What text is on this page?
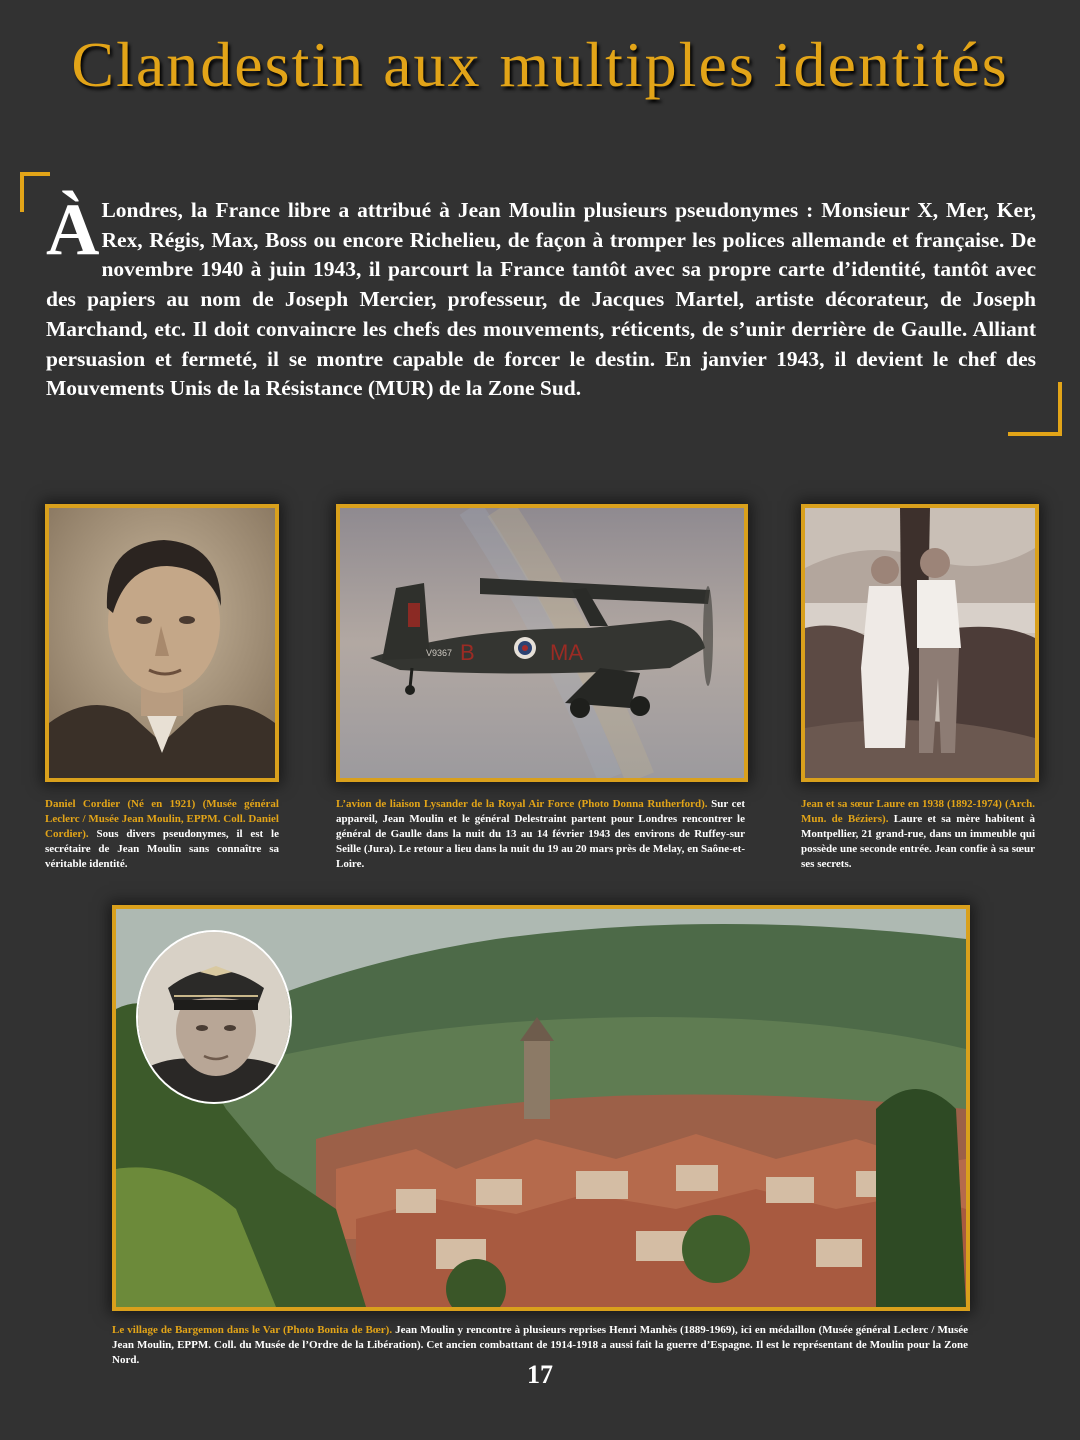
Clandestin aux multiples identités

À Londres, la France libre a attribué à Jean Moulin plusieurs pseudonymes : Monsieur X, Mer, Ker, Rex, Régis, Max, Boss ou encore Richelieu, de façon à tromper les polices allemande et française. De novembre 1940 à juin 1943, il parcourt la France tantôt avec sa propre carte d’identité, tantôt avec des papiers au nom de Joseph Mercier, professeur, de Jacques Martel, artiste décorateur, de Joseph Marchand, etc. Il doit convaincre les chefs des mouvements, réticents, de s’unir derrière de Gaulle. Alliant persuasion et fermeté, il se montre capable de forcer le destin. En janvier 1943, il devient le chef des Mouvements Unis de la Résistance (MUR) de la Zone Sud.

B	MA
V9367

Daniel Cordier (Né en 1921) (Musée général Leclerc / Musée Jean Moulin, EPPM. Coll. Daniel Cordier). Sous divers pseudonymes, il est le secrétaire de Jean Moulin sans connaître sa véritable identité.

L’avion de liaison Lysander de la Royal Air Force (Photo Donna Rutherford). Sur cet appareil, Jean Moulin et le général Delestraint partent pour Londres rencontrer le général de Gaulle dans la nuit du 13 au 14 février 1943 des environs de Ruffey-sur Seille (Jura). Le retour a lieu dans la nuit du 19 au 20 mars près de Melay, en Saône-et-Loire.

Jean et sa sœur Laure en 1938 (1892-1974) (Arch. Mun. de Béziers). Laure et sa mère habitent à Montpellier, 21 grand-rue, dans un immeuble qui possède une seconde entrée. Jean confie à sa sœur ses secrets.

Le village de Bargemon dans le Var (Photo Bonita de Bœr). Jean Moulin y rencontre à plusieurs reprises Henri Manhès (1889-1969), ici en médaillon (Musée général Leclerc / Musée Jean Moulin, EPPM. Coll. du Musée de l’Ordre de la Libération). Cet ancien combattant de 1914-1918 a aussi fait la guerre d’Espagne. Il est le représentant de Moulin pour la Zone Nord.	17
